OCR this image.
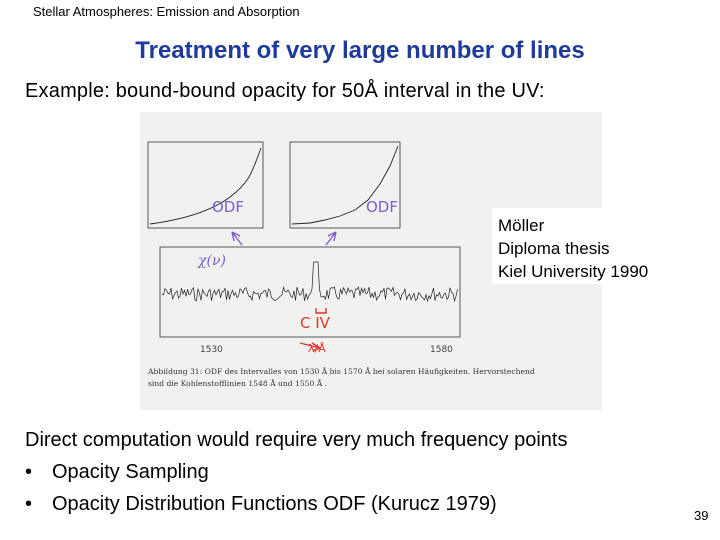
Stellar Atmospheres: Emission and Absorption
Treatment of very large number of lines
Example: bound-bound opacity for 50Å interval in the UV:
ODF	ODF
χ(ν)
C IV
λ/Å
1530	1580
Abbildung 31: ODF des Intervalles von 1530 Å bis 1570 Å bei solaren Häufigkeiten. Hervorstechend
sind die Kohlenstofflinien 1548 Å und 1550 Å .
Möller
Diploma thesis
Kiel University 1990
Direct computation would require very much frequency points
• Opacity Sampling
• Opacity Distribution Functions ODF (Kurucz 1979)
39
